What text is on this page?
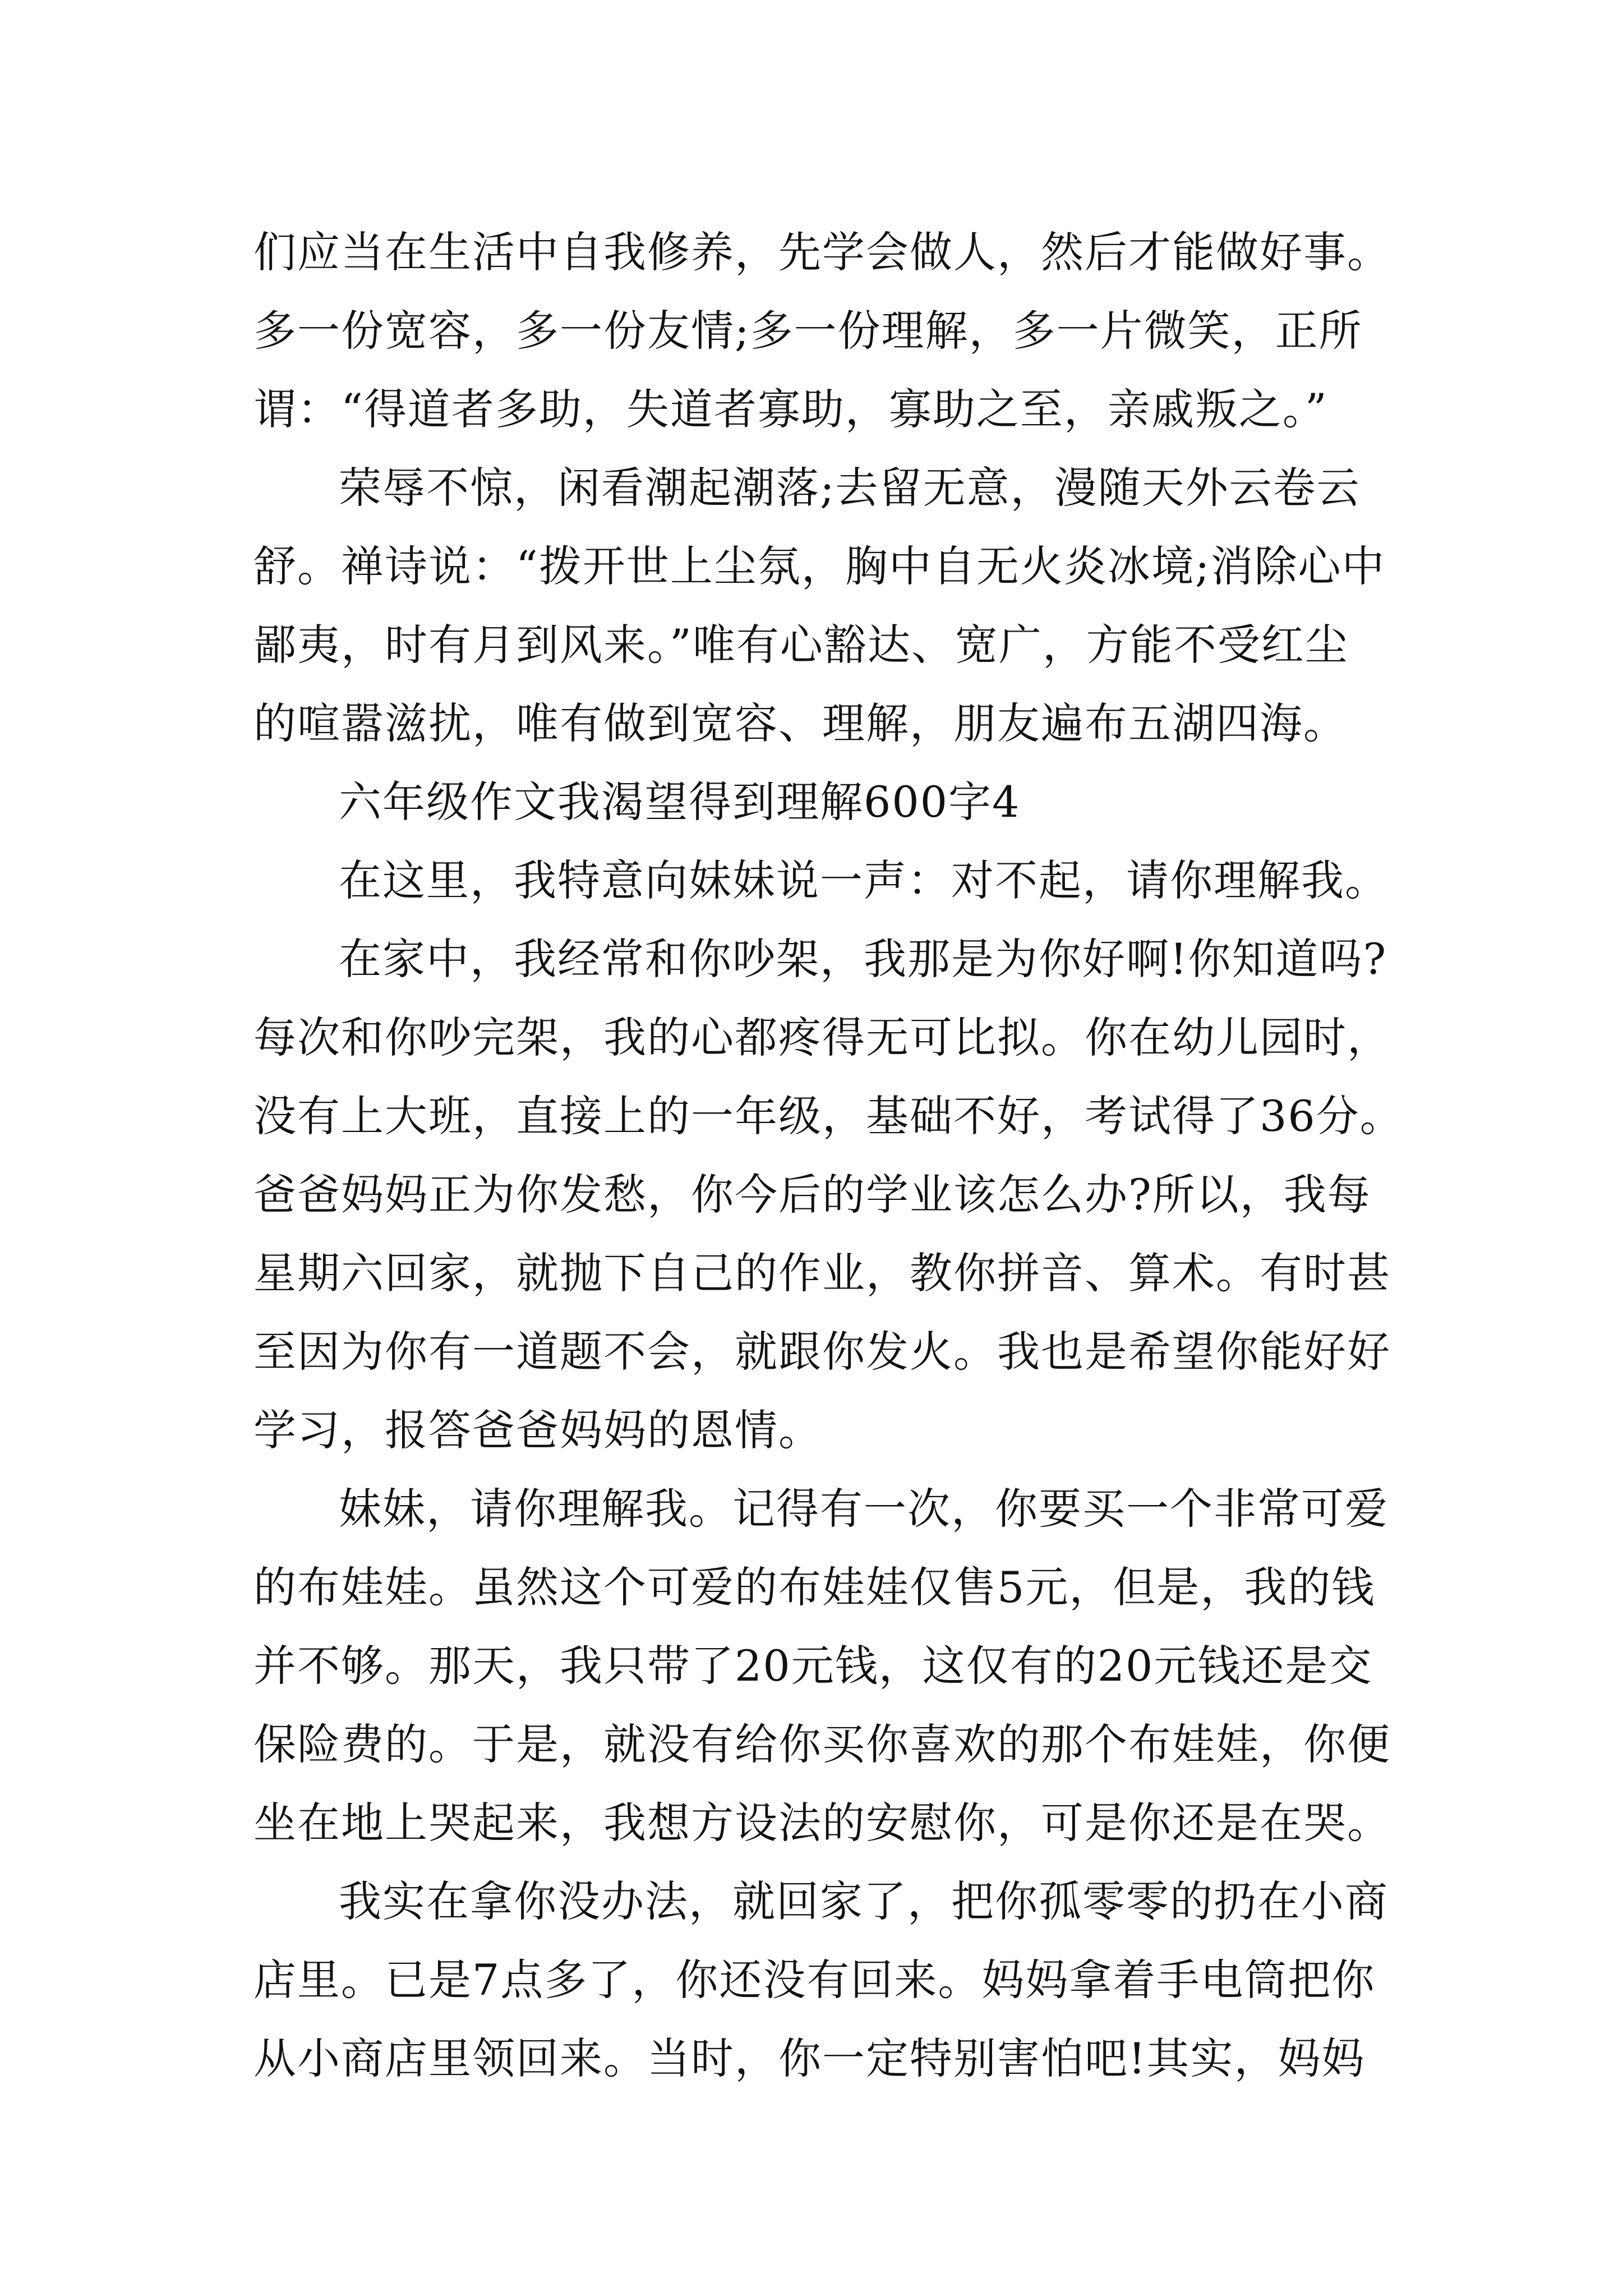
们应当在生活中自我修养，先学会做人，然后才能做好事。
多一份宽容，多一份友情;多一份理解，多一片微笑，正所
谓：“得道者多助，失道者寡助，寡助之至，亲戚叛之。”
荣辱不惊，闲看潮起潮落;去留无意，漫随天外云卷云
舒。禅诗说：“拨开世上尘氛，胸中自无火炎冰境;消除心中
鄙夷，时有月到风来。”唯有心豁达、宽广，方能不受红尘
的喧嚣滋扰，唯有做到宽容、理解，朋友遍布五湖四海。
六年级作文我渴望得到理解600字4
在这里，我特意向妹妹说一声：对不起，请你理解我。
在家中，我经常和你吵架，我那是为你好啊!你知道吗?
每次和你吵完架，我的心都疼得无可比拟。你在幼儿园时，
没有上大班，直接上的一年级，基础不好，考试得了36分。
爸爸妈妈正为你发愁，你今后的学业该怎么办?所以，我每
星期六回家，就抛下自己的作业，教你拼音、算术。有时甚
至因为你有一道题不会，就跟你发火。我也是希望你能好好
学习，报答爸爸妈妈的恩情。
妹妹，请你理解我。记得有一次，你要买一个非常可爱
的布娃娃。虽然这个可爱的布娃娃仅售5元，但是，我的钱
并不够。那天，我只带了20元钱，这仅有的20元钱还是交
保险费的。于是，就没有给你买你喜欢的那个布娃娃，你便
坐在地上哭起来，我想方设法的安慰你，可是你还是在哭。
我实在拿你没办法，就回家了，把你孤零零的扔在小商
店里。已是7点多了，你还没有回来。妈妈拿着手电筒把你
从小商店里领回来。当时，你一定特别害怕吧!其实，妈妈
